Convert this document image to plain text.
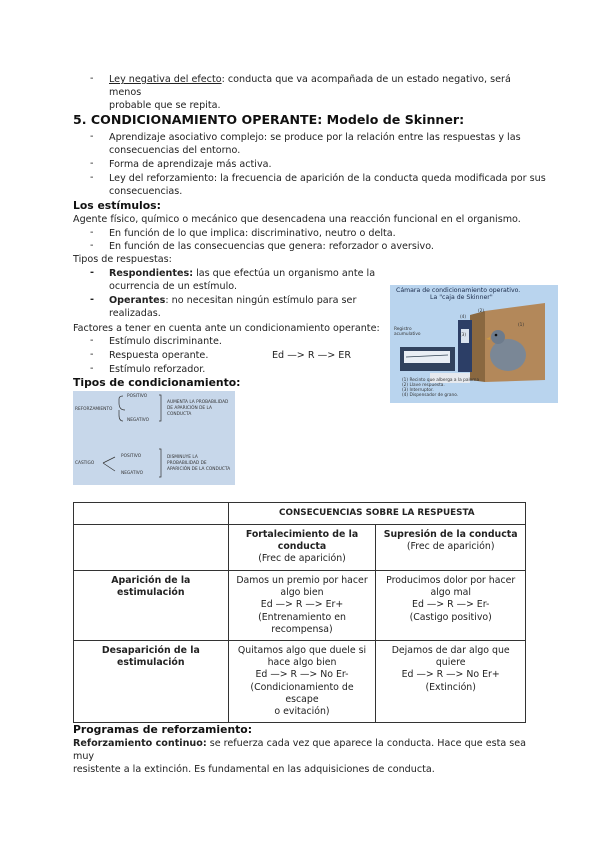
- Ley negativa del efecto: conducta que va acompañada de un estado negativo, será menos
probable que se repita.
5. CONDICIONAMIENTO OPERANTE: Modelo de Skinner:
- Aprendizaje asociativo complejo: se produce por la relación entre las respuestas y las
consecuencias del entorno.
- Forma de aprendizaje más activa.
- Ley del reforzamiento: la frecuencia de aparición de la conducta queda modificada por sus
consecuencias.
Los estímulos:
Agente físico, químico o mecánico que desencadena una reacción funcional en el organismo.
- En función de lo que implica: discriminativo, neutro o delta.
- En función de las consecuencias que genera: reforzador o aversivo.
Tipos de respuestas:
- Respondientes: las que efectúa un organismo ante la
ocurrencia de un estímulo.
- Operantes: no necesitan ningún estímulo para ser
realizadas.
Factores a tener en cuenta ante un condicionamiento operante:
- Estímulo discriminante.
- Respuesta operante.	Ed —> R —> ER
- Estímulo reforzador.
Cámara de condicionamiento operativo.
La "caja de Skinner"
Registro
acumulativo
(2)
(1)
(4)
(3)
(1) Recinto que alberga a la paloma
(2) Llave respuesta.
(3) Interruptor.
(4) Dispensador de grano.
Tipos de condicionamiento:
REFORZAMIENTO
POSITIVO
NEGATIVO
AUMENTA LA PROBABILIDAD
DE APARICIÓN DE LA
CONDUCTA
CASTIGO
POSITIVO
NEGATIVO
DISMINUYE LA
PROBABILIDAD DE
APARICIÓN DE LA CONDUCTA
	CONSECUENCIAS SOBRE LA RESPUESTA	
	Fortalecimiento de la conducta
(Frec de aparición)	Supresión de la conducta
(Frec de aparición)
Aparición de la estimulación	Damos un premio por hacer
algo bien
Ed —> R —> Er+
(Entrenamiento en
recompensa)	Producimos dolor por hacer
algo mal
Ed —> R —> Er-
(Castigo positivo)
Desaparición de la estimulación	Quitamos algo que duele si
hace algo bien
Ed —> R —> No Er-
(Condicionamiento de escape
o evitación)	Dejamos de dar algo que
quiere
Ed —> R —> No Er+
(Extinción)
Programas de reforzamiento:
Reforzamiento continuo: se refuerza cada vez que aparece la conducta. Hace que esta sea muy
resistente a la extinción. Es fundamental en las adquisiciones de conducta.
